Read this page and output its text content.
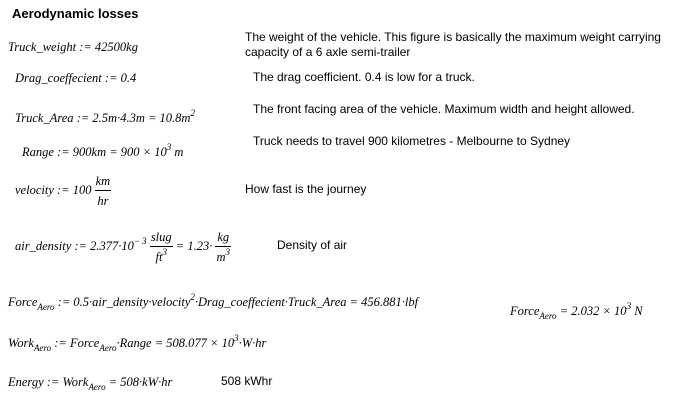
Aerodynamic losses
Truck_weight := 42500kg
The weight of the vehicle. This figure is basically the maximum weight carrying capacity of a 6 axle semi-trailer
Drag_coeffecient := 0.4	The drag coefficient. 0.4 is low for a truck.
Truck_Area := $2.5m\cdot 4.3m = 10.8m^2$	The front facing area of the vehicle. Maximum width and height allowed.
Range := $900km = 900 \times 10^3$ m
Truck needs to travel 900 kilometres - Melbourne to Sydney
velocity := $100 \frac{km}{hr}$	How fast is the journey
air_density := $2.377\cdot 10^{- 3} \frac{\text{slug}}{ft^3} = 1.23\cdot \frac{kg}{m^3}$	Density of air
Force$_{Aero}$ := 0.5·air_density·velocity$^2$·Drag_coeffecient·Truck_Area = 456.881·lbf
Force$_{Aero}$ = $2.032 \times 10^3$ N
Work$_{Aero}$ := Force$_{Aero}$·Range = $508.077 \times 10^3\cdot W\cdot hr$
Energy := Work$_{Aero}$ = 508·kW·hr	508 kWhr
